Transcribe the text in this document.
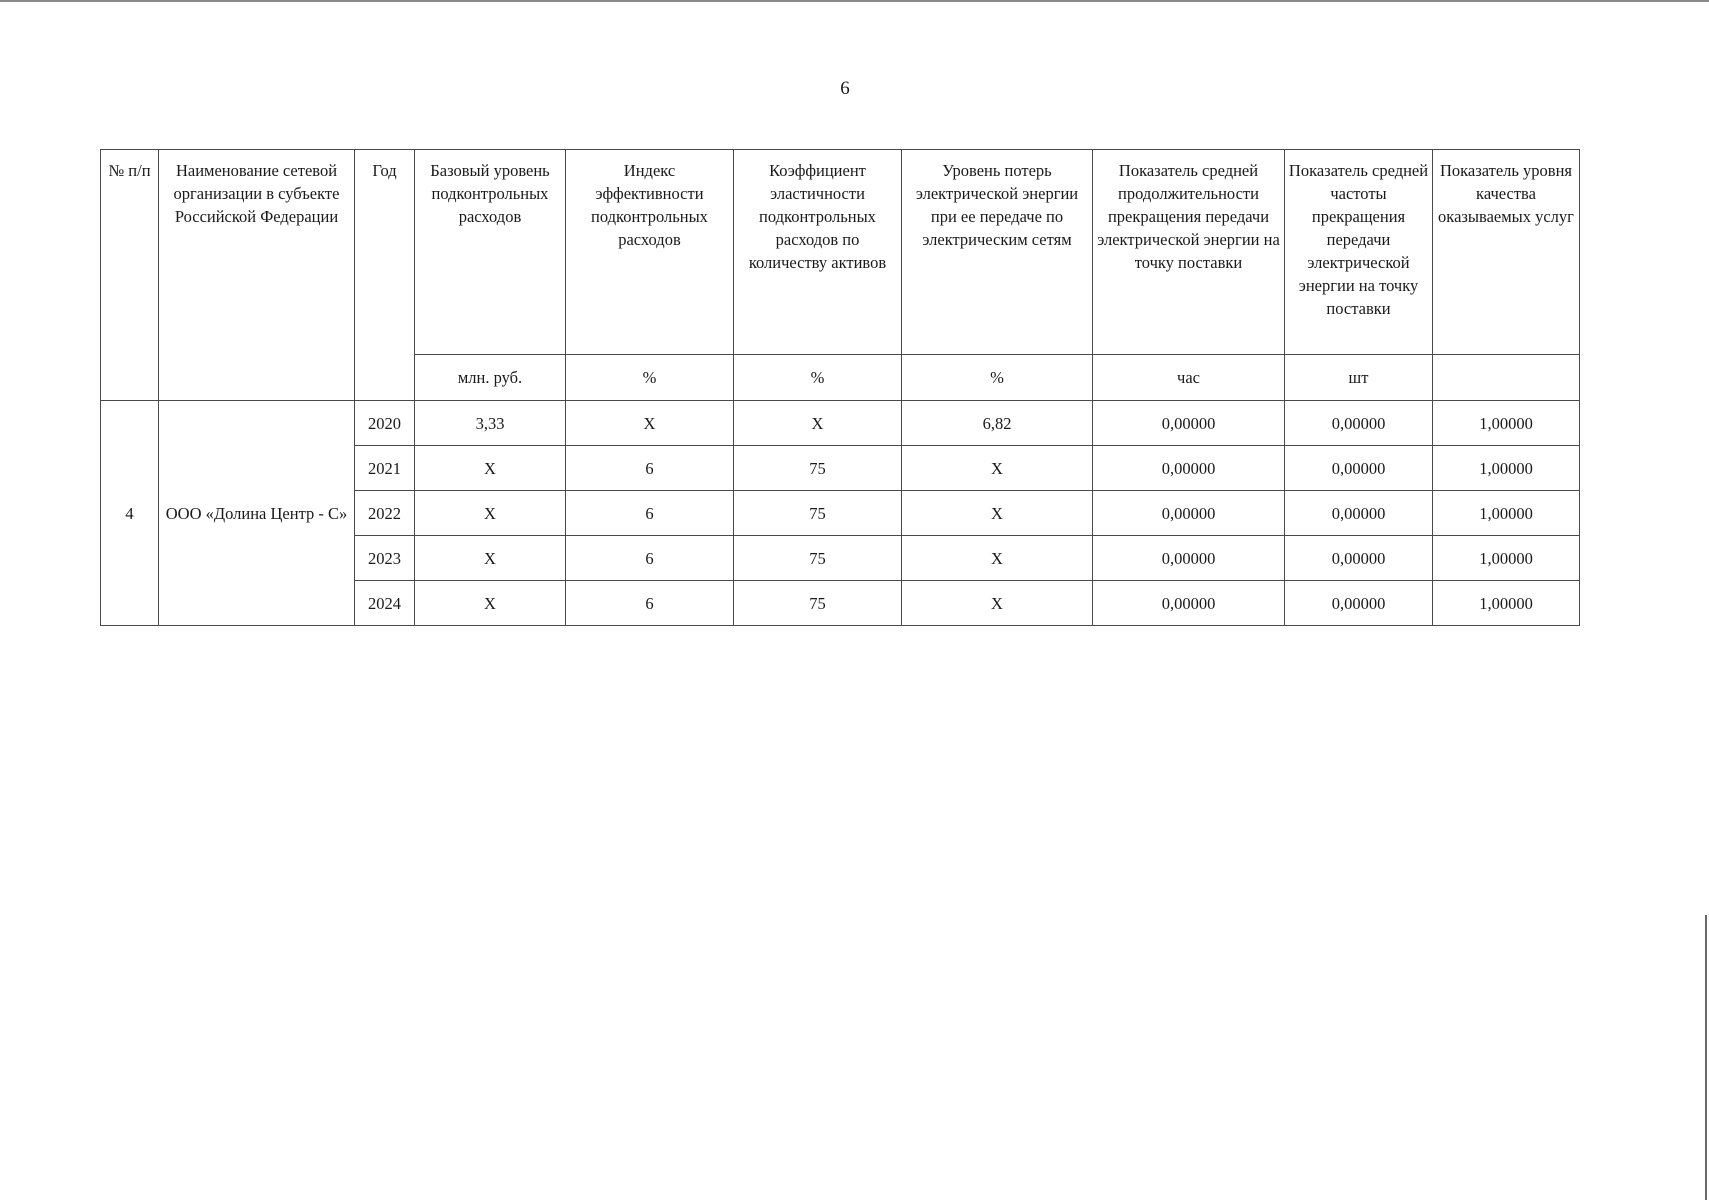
6
№ п/п	Наименование сетевой организации в субъекте Российской Федерации	Год	Базовый уровень подконтрольных расходов	Индекс эффективности подконтрольных расходов	Коэффициент эластичности подконтрольных расходов по количеству активов	Уровень потерь электрической энергии при ее передаче по электрическим сетям	Показатель средней продолжительности прекращения передачи электрической энергии на точку поставки	Показатель средней частоты прекращения передачи электрической энергии на точку поставки	Показатель уровня качества оказываемых услуг
			млн. руб.	%	%	%	час	шт	
4	ООО «Долина Центр - С»	2020	3,33	X	X	6,82	0,00000	0,00000	1,00000
		2021	X	6	75	X	0,00000	0,00000	1,00000
		2022	X	6	75	X	0,00000	0,00000	1,00000
		2023	X	6	75	X	0,00000	0,00000	1,00000
		2024	X	6	75	X	0,00000	0,00000	1,00000
